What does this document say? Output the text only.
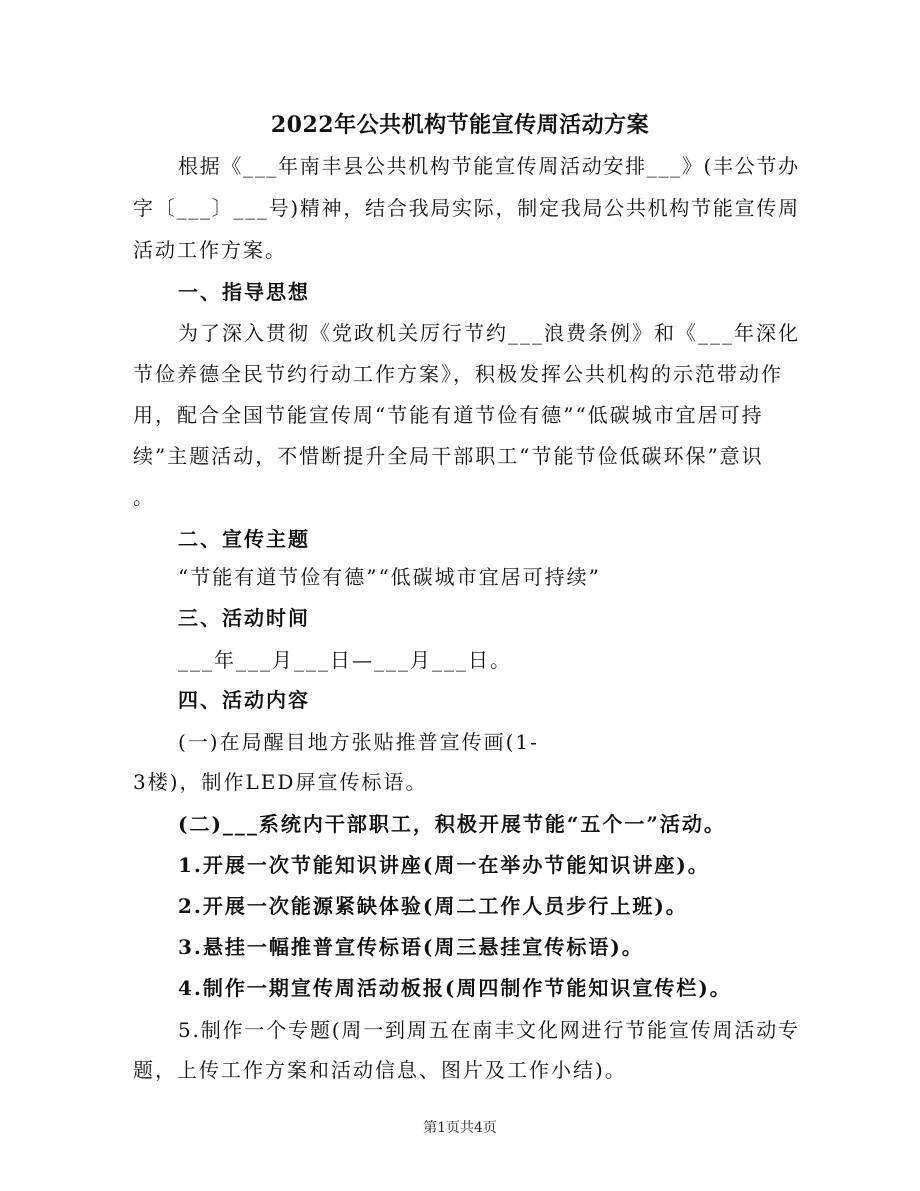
2022年公共机构节能宣传周活动方案
根据《___年南丰县公共机构节能宣传周活动安排___》(丰公节办
字〔___〕___号)精神，结合我局实际，制定我局公共机构节能宣传周
活动工作方案。
一、指导思想
为了深入贯彻《党政机关厉行节约___浪费条例》和《___年深化
节俭养德全民节约行动工作方案》，积极发挥公共机构的示范带动作
用，配合全国节能宣传周“节能有道节俭有德”“低碳城市宜居可持
续”主题活动，不惜断提升全局干部职工“节能节俭低碳环保”意识
。
二、宣传主题
“节能有道节俭有德”“低碳城市宜居可持续”
三、活动时间
___年___月___日—___月___日。
四、活动内容
(一)在局醒目地方张贴推普宣传画(1-
3楼)，制作LED屏宣传标语。
(二)___系统内干部职工，积极开展节能“五个一”活动。
1.开展一次节能知识讲座(周一在举办节能知识讲座)。
2.开展一次能源紧缺体验(周二工作人员步行上班)。
3.悬挂一幅推普宣传标语(周三悬挂宣传标语)。
4.制作一期宣传周活动板报(周四制作节能知识宣传栏)。
5.制作一个专题(周一到周五在南丰文化网进行节能宣传周活动专
题，上传工作方案和活动信息、图片及工作小结)。
第1页共4页
